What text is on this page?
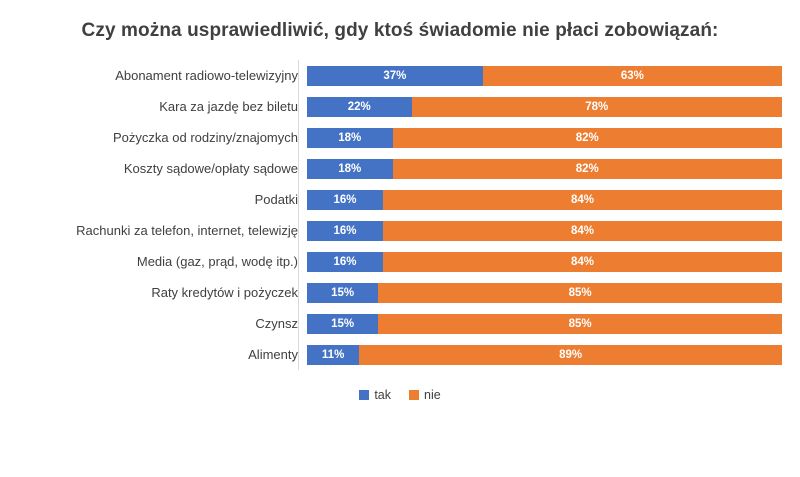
Czy można usprawiedliwić, gdy ktoś świadomie nie płaci zobowiązań:
Abonament radiowo-telewizyjny	37%	63%
Kara za jazdę bez biletu	22%	78%
Pożyczka od rodziny/znajomych	18%	82%
Koszty sądowe/opłaty sądowe	18%	82%
Podatki	16%	84%
Rachunki za telefon, internet, telewizję	16%	84%
Media (gaz, prąd, wodę itp.)	16%	84%
Raty kredytów i pożyczek	15%	85%
Czynsz	15%	85%
Alimenty	11%	89%
tak	nie
